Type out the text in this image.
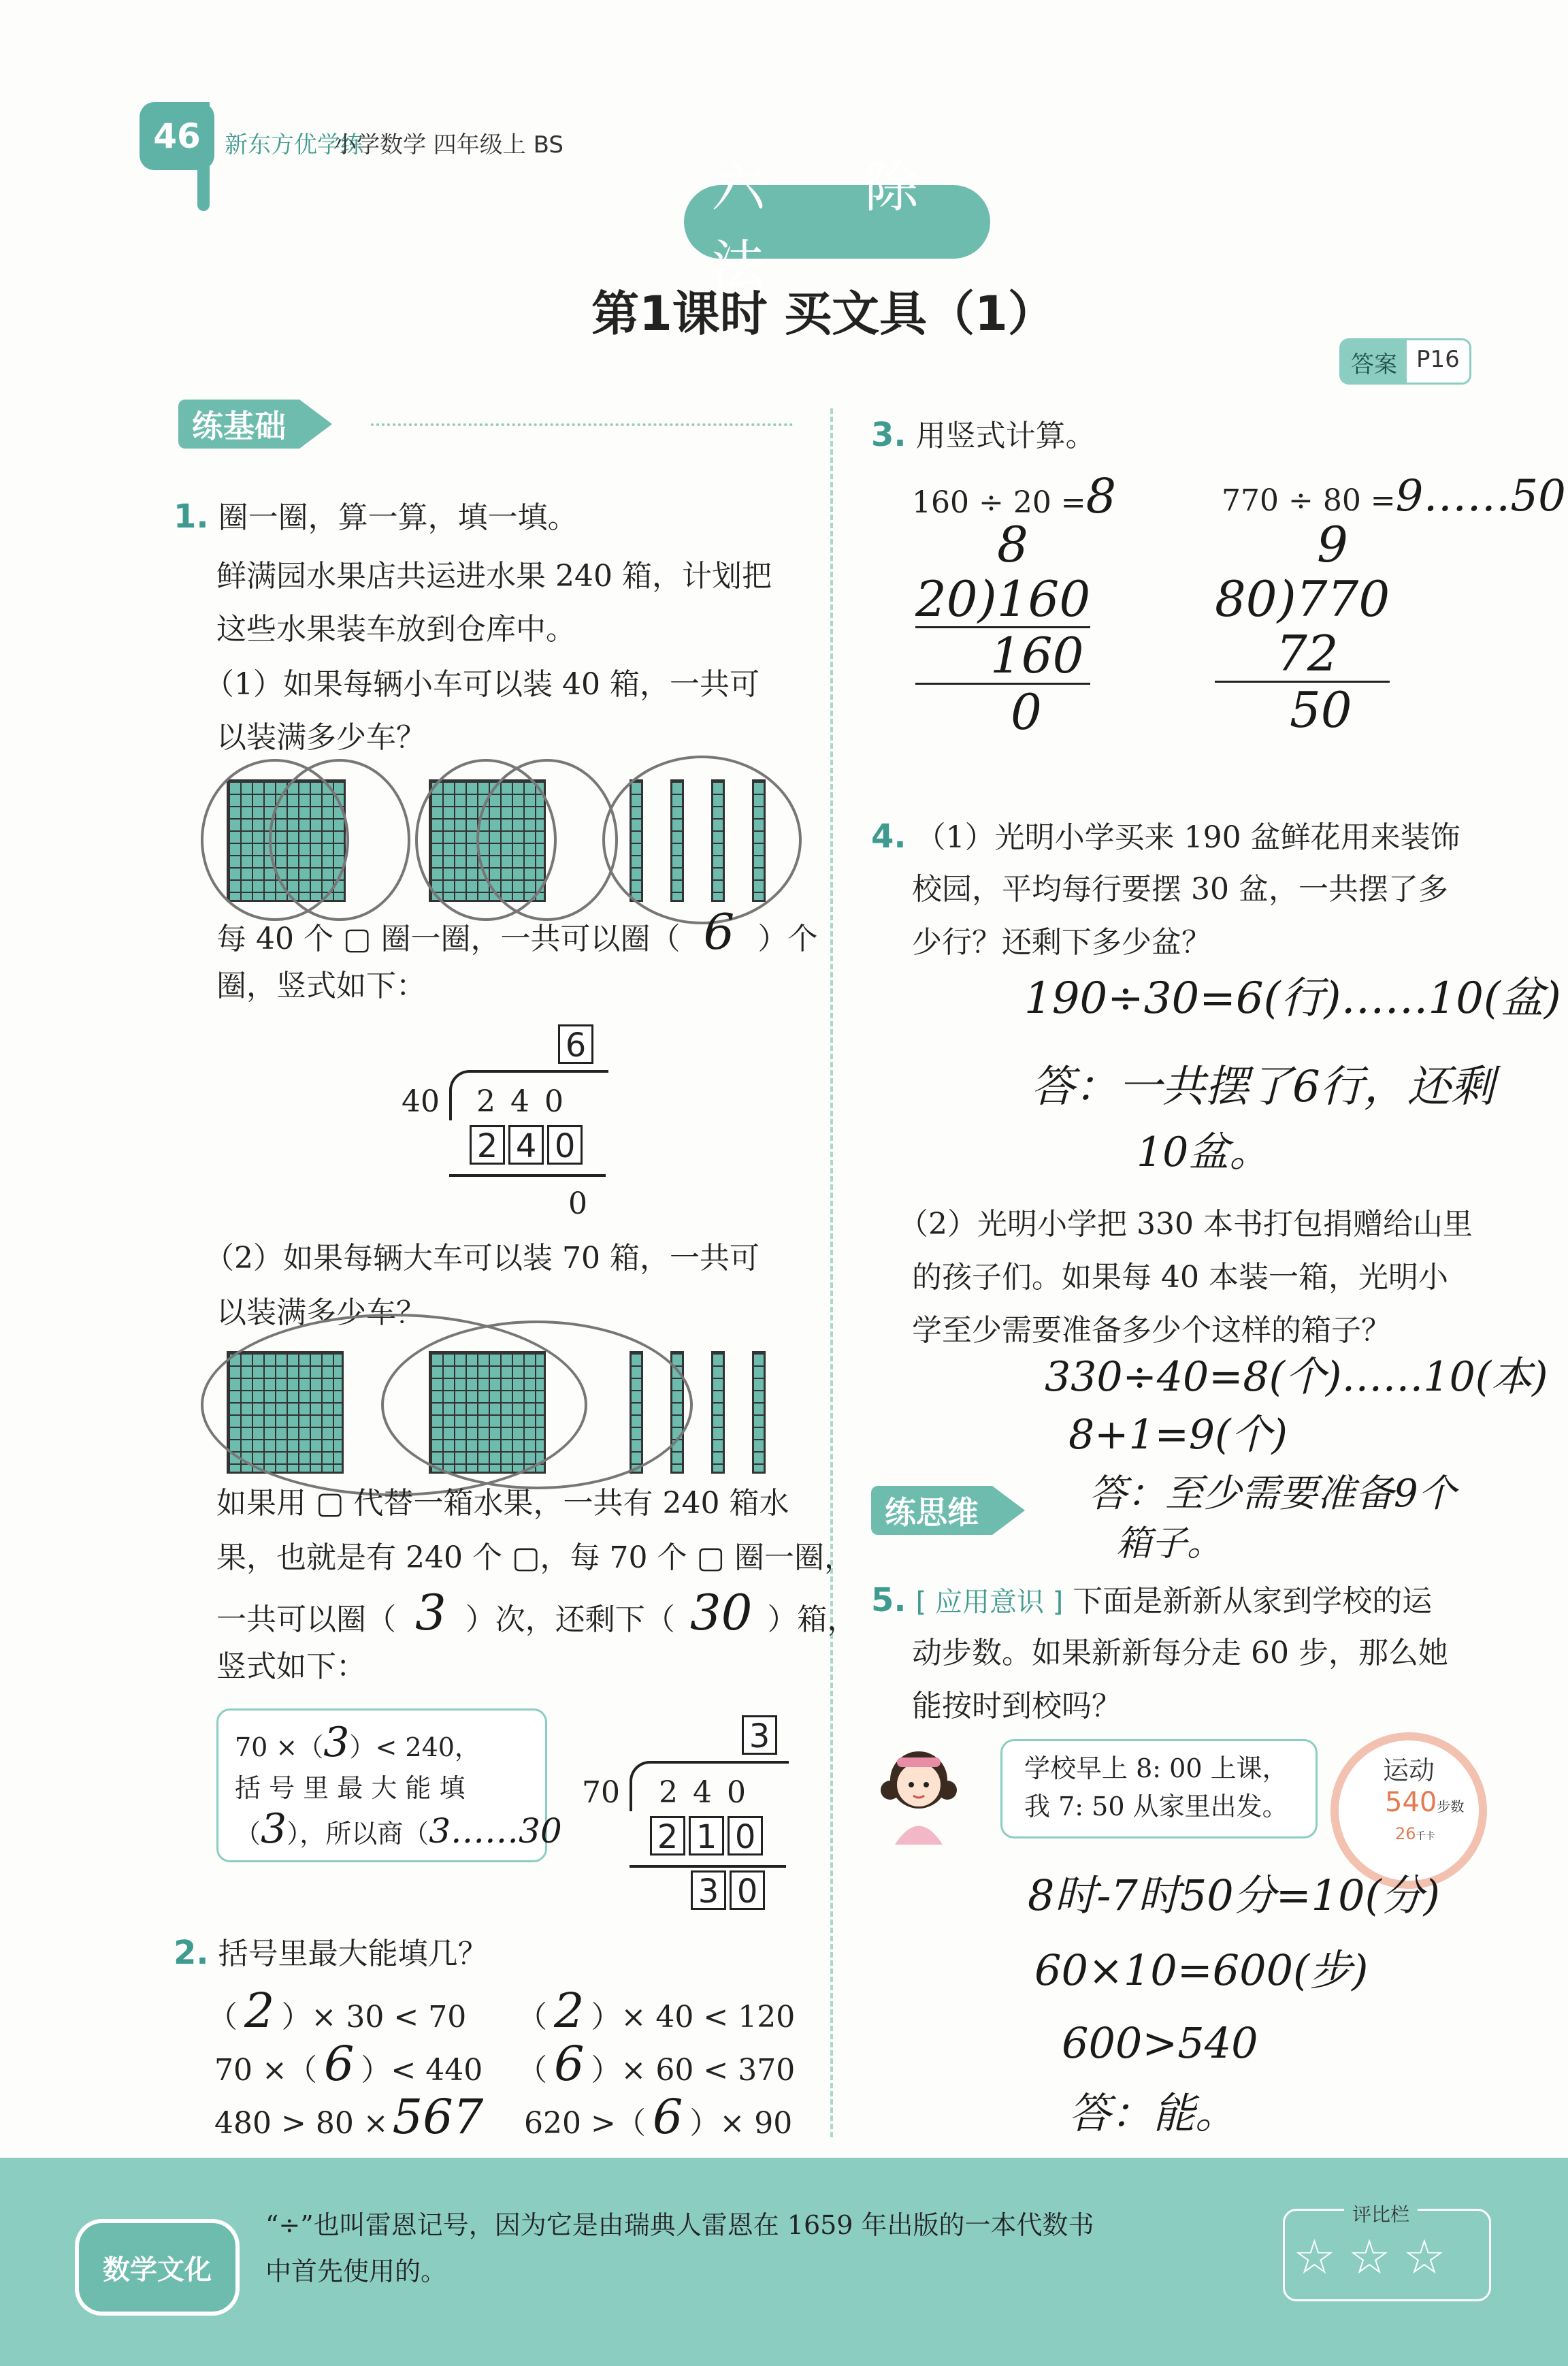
46	新东方优学练
小学数学 四年级上 BS
六 除法
第1课时 买文具（1）
答案 P16
练基础
1. 圈一圈，算一算，填一填。
鲜满园水果店共运进水果 240 箱，计划把
这些水果装车放到仓库中。
（1）如果每辆小车可以装 40 箱，一共可
以装满多少车？
每 40 个 ▢ 圈一圈，一共可以圈（ 6 ）个
圈，竖式如下：
6
40 2 4 0
2 4 0
0
（2）如果每辆大车可以装 70 箱，一共可
以装满多少车？
如果用 ▢ 代替一箱水果，一共有 240 箱水
果，也就是有 240 个 ▢，每 70 个 ▢ 圈一圈，
一共可以圈（ 3 ）次，还剩下（ 30 ）箱，
竖式如下：
70 ×（3）< 240，
括 号 里 最 大 能 填
（3），所以商（3……30
3
70 2 4 0
2 1 0
3 0
2. 括号里最大能填几？
（ 2 ）× 30 < 70 （ 2 ）× 40 < 120
70 ×（ 6 ）< 440 （ 6 ）× 60 < 370
480 > 80 ×567 620 >（ 6 ）× 90
3. 用竖式计算。
160 ÷ 20 =8
8
20)160
160
0
770 ÷ 80 =9……50
9
80)770
72
50
4. （1）光明小学买来 190 盆鲜花用来装饰
校园，平均每行要摆 30 盆，一共摆了多
少行？还剩下多少盆？
190÷30=6(行)……10(盆)
答：一共摆了6行，还剩
10盆。
（2）光明小学把 330 本书打包捐赠给山里
的孩子们。如果每 40 本装一箱，光明小
学至少需要准备多少个这样的箱子？
330÷40=8(个)……10(本)
8+1=9(个)
答：至少需要准备9个
箱子。
练思维
5. [ 应用意识 ] 下面是新新从家到学校的运
动步数。如果新新每分走 60 步，那么她
能按时到校吗？
学校早上 8: 00 上课，
我 7: 50 从家里出发。
运动
540步数
26千卡
8时-7时50分=10(分)
60×10=600(步)
600>540
答：能。
数学文化
“÷”也叫雷恩记号，因为它是由瑞典人雷恩在 1659 年出版的一本代数书
中首先使用的。
评比栏
☆ ☆ ☆
